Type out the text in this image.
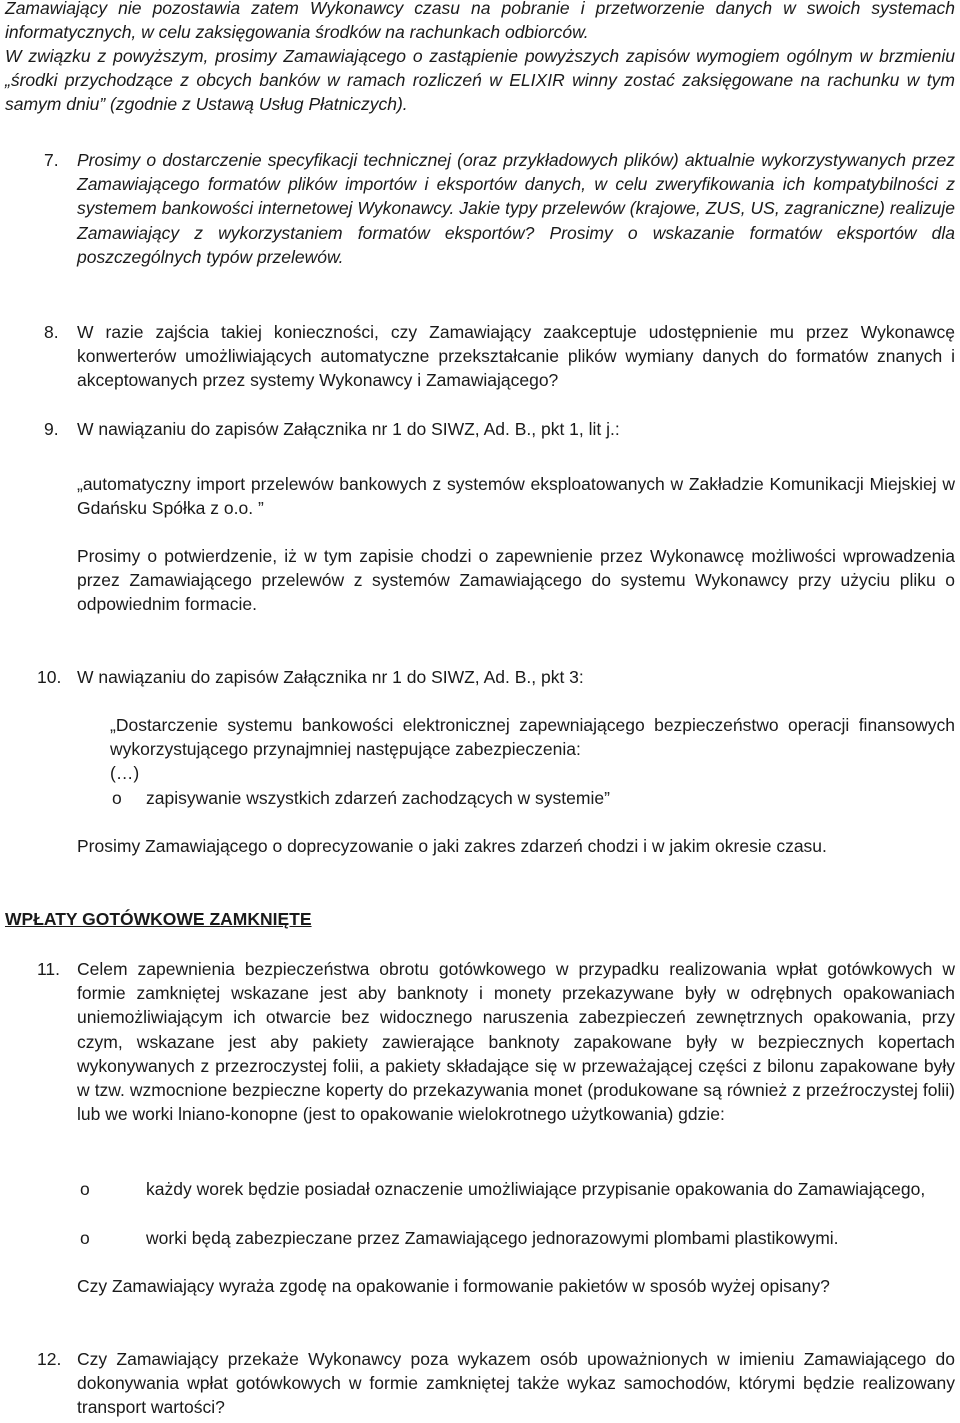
Zamawiający nie pozostawia zatem Wykonawcy czasu na pobranie i przetworzenie danych w swoich systemach informatycznych, w celu zaksięgowania środków na rachunkach odbiorców.
W związku z powyższym, prosimy Zamawiającego o zastąpienie powyższych zapisów wymogiem ogólnym w brzmieniu „środki przychodzące z obcych banków w ramach rozliczeń w ELIXIR winny zostać zaksięgowane na rachunku w tym samym dniu” (zgodnie z Ustawą Usług Płatniczych).
7. Prosimy o dostarczenie specyfikacji technicznej (oraz przykładowych plików) aktualnie wykorzystywanych przez Zamawiającego formatów plików importów i eksportów danych, w celu zweryfikowania ich kompatybilności z systemem bankowości internetowej Wykonawcy. Jakie typy przelewów (krajowe, ZUS, US, zagraniczne) realizuje Zamawiający z wykorzystaniem formatów eksportów? Prosimy o wskazanie formatów eksportów dla poszczególnych typów przelewów.
8. W razie zajścia takiej konieczności, czy Zamawiający zaakceptuje udostępnienie mu przez Wykonawcę konwerterów umożliwiających automatyczne przekształcanie plików wymiany danych do formatów znanych i akceptowanych przez systemy Wykonawcy i Zamawiającego?
9. W nawiązaniu do zapisów Załącznika nr 1 do SIWZ, Ad. B., pkt 1, lit j.:
„automatyczny import przelewów bankowych z systemów eksploatowanych w Zakładzie Komunikacji Miejskiej w Gdańsku Spółka z o.o. ”
Prosimy o potwierdzenie, iż w tym zapisie chodzi o zapewnienie przez Wykonawcę możliwości wprowadzenia przez Zamawiającego przelewów z systemów Zamawiającego do systemu Wykonawcy przy użyciu pliku o odpowiednim formacie.
10. W nawiązaniu do zapisów Załącznika nr 1 do SIWZ, Ad. B., pkt 3:
„Dostarczenie systemu bankowości elektronicznej zapewniającego bezpieczeństwo operacji finansowych wykorzystującego przynajmniej następujące zabezpieczenia:
(…)
o zapisywanie wszystkich zdarzeń zachodzących w systemie”
Prosimy Zamawiającego o doprecyzowanie o jaki zakres zdarzeń chodzi i w jakim okresie czasu.
WPŁATY GOTÓWKOWE ZAMKNIĘTE
11. Celem zapewnienia bezpieczeństwa obrotu gotówkowego w przypadku realizowania wpłat gotówkowych w formie zamkniętej wskazane jest aby banknoty i monety przekazywane były w odrębnych opakowaniach uniemożliwiającym ich otwarcie bez widocznego naruszenia zabezpieczeń zewnętrznych opakowania, przy czym, wskazane jest aby pakiety zawierające banknoty zapakowane były w bezpiecznych kopertach wykonywanych z przezroczystej folii, a pakiety składające się w przeważającej części z bilonu zapakowane były w tzw. wzmocnione bezpieczne koperty do przekazywania monet (produkowane są również z przeźroczystej folii) lub we worki lniano-konopne (jest to opakowanie wielokrotnego użytkowania) gdzie:
o	każdy worek będzie posiadał oznaczenie umożliwiające przypisanie opakowania do Zamawiającego,
o	worki będą zabezpieczane przez Zamawiającego jednorazowymi plombami plastikowymi.
Czy Zamawiający wyraża zgodę na opakowanie i formowanie pakietów w sposób wyżej opisany?
12. Czy Zamawiający przekaże Wykonawcy poza wykazem osób upoważnionych w imieniu Zamawiającego do dokonywania wpłat gotówkowych w formie zamkniętej także wykaz samochodów, którymi będzie realizowany transport wartości?
